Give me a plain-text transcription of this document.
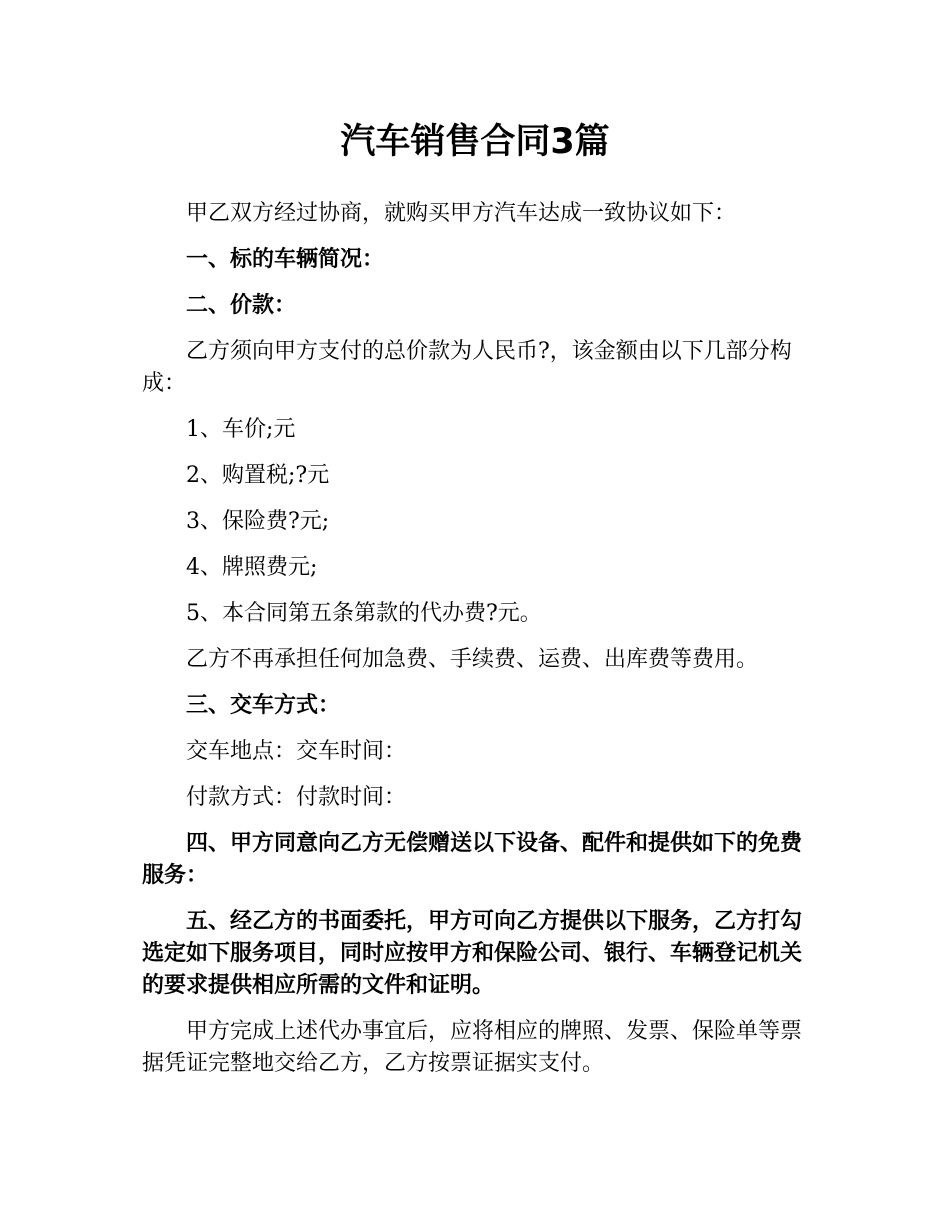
汽车销售合同3篇

甲乙双方经过协商，就购买甲方汽车达成一致协议如下：

一、标的车辆简况：

二、价款：

乙方须向甲方支付的总价款为人民币?，该金额由以下几部分构成：

1、车价;元

2、购置税;?元

3、保险费?元;

4、牌照费元;

5、本合同第五条第款的代办费?元。

乙方不再承担任何加急费、手续费、运费、出库费等费用。

三、交车方式：

交车地点：交车时间：

付款方式：付款时间：

四、甲方同意向乙方无偿赠送以下设备、配件和提供如下的免费服务：

五、经乙方的书面委托，甲方可向乙方提供以下服务，乙方打勾选定如下服务项目，同时应按甲方和保险公司、银行、车辆登记机关的要求提供相应所需的文件和证明。

甲方完成上述代办事宜后，应将相应的牌照、发票、保险单等票据凭证完整地交给乙方，乙方按票证据实支付。
